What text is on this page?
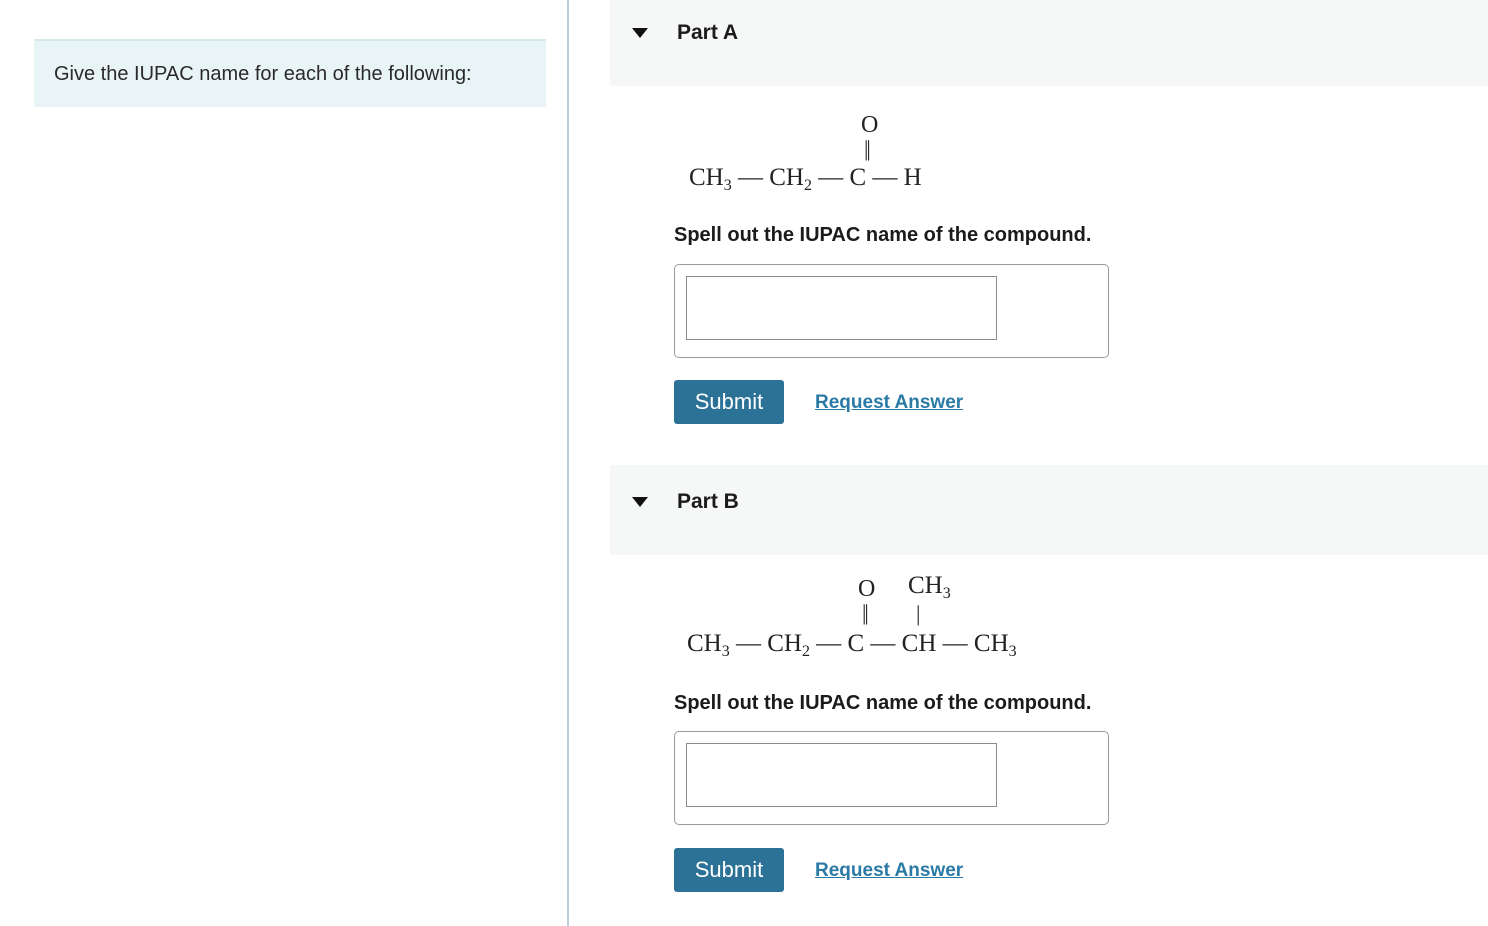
Give the IUPAC name for each of the following:
Part A
O
||
$CH_3$ — $CH_2$ — C — H
Spell out the IUPAC name of the compound.
Submit	Request Answer
Part B
O
||
$CH_3$
|
$CH_3$ — $CH_2$ — C — CH — $CH_3$
Spell out the IUPAC name of the compound.
Submit	Request Answer
